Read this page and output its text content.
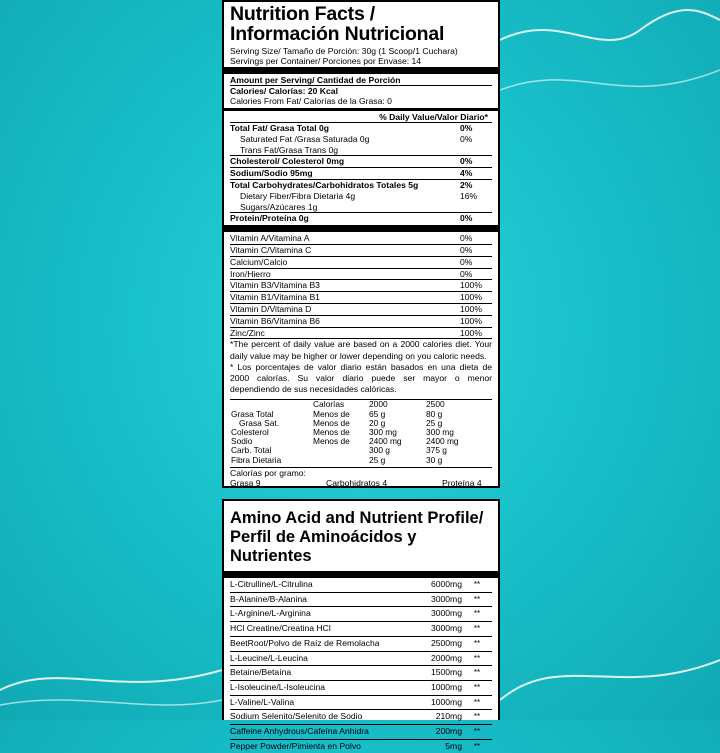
Nutrition Facts /
Información Nutricional
Serving Size/ Tamaño de Porción: 30g (1 Scoop/1 Cuchara)
Servings per Container/ Porciones por Envase: 14
Amount per Serving/ Cantidad de Porción
Calories/ Calorías: 20 Kcal
Calories From Fat/ Calorías de la Grasa: 0
% Daily Value/Valor Diario*
Total Fat/ Grasa Total 0g	0%
Saturated Fat /Grasa Saturada 0g	0%
Trans Fat/Grasa Trans 0g
Cholesterol/ Colesterol 0mg	0%
Sodium/Sodio 95mg	4%
Total Carbohydrates/Carbohidratos Totales 5g	2%
Dietary Fiber/Fibra Dietaria 4g	16%
Sugars/Azúcares 1g
Protein/Proteína 0g	0%
Vitamin A/Vitamina A	0%
Vitamin C/Vitamina C	0%
Calcium/Calcio	0%
Iron/Hierro	0%
Vitamin B3/Vitamina B3	100%
Vitamin B1/Vitamina B1	100%
Vitamin D/Vitamina D	100%
Vitamin B6/Vitamina B6	100%
Zinc/Zinc	100%
*The percent of daily value are based on a 2000 calories diet. Your daily value may be higher or lower depending on you caloric needs.
* Los porcentajes de valor diario están basados en una dieta de 2000 calorías. Su valor diario puede ser mayor o menor dependiendo de sus necesidades calóricas.
	Calorías	2000	2500
Grasa Total	Menos de	65 g	80 g
Grasa Sat.	Menos de	20 g	25 g
Colesterol	Menos de	300 mg	300 mg
Sodio	Menos de	2400 mg	2400 mg
Carb. Total		300 g	375 g
Fibra Dietaria		25 g	30 g
Calorías por gramo:
Grasa 9	Carbohidratos 4	Proteína 4
Amino Acid and Nutrient Profile/
Perfil de Aminoácidos y Nutrientes
L-Citrulline/L-Citrulina	6000mg	**
B-Alanine/B-Alanina	3000mg	**
L-Arginine/L-Arginina	3000mg	**
HCl Creatine/Creatina HCl	3000mg	**
BeetRoot/Polvo de Raíz de Remolacha	2500mg	**
L-Leucine/L-Leucina	2000mg	**
Betaine/Betaína	1500mg	**
L-Isoleucine/L-Isoleucina	1000mg	**
L-Valine/L-Valina	1000mg	**
Sodium Selenito/Selenito de Sodio	210mg	**
Caffeine Anhydrous/Cafeína Anhidra	200mg	**
Pepper Powder/Pimienta en Polvo	5mg	**
